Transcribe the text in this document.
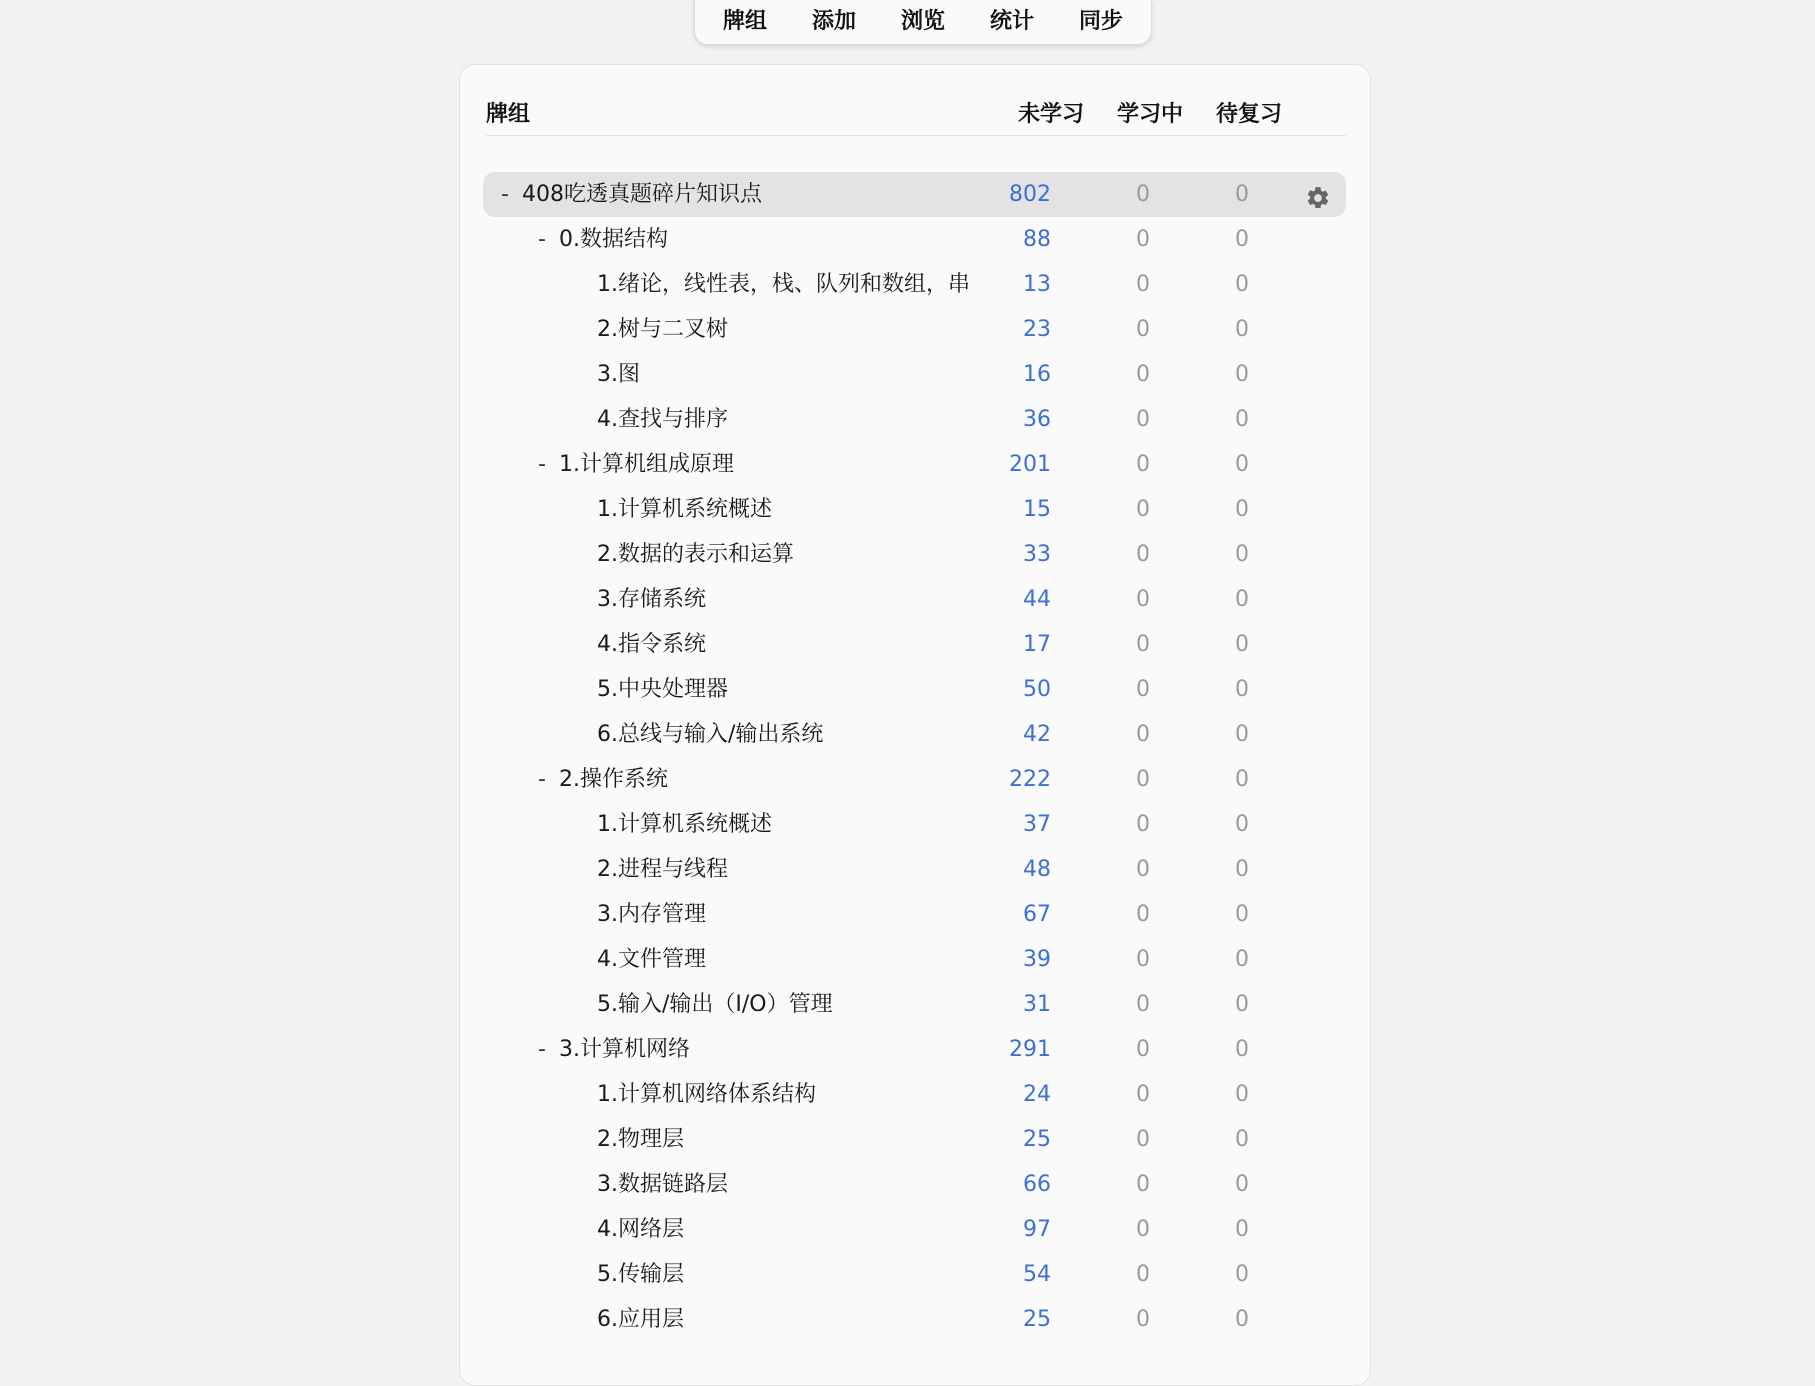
牌组	添加	浏览	统计	同步
牌组	未学习 学习中 待复习
- 408吃透真题碎片知识点	802	0	0
- 0.数据结构	88	0	0
1.绪论，线性表，栈、队列和数组，串	13	0	0
2.树与二叉树	23	0	0
3.图	16	0	0
4.查找与排序	36	0	0
- 1.计算机组成原理	201	0	0
1.计算机系统概述	15	0	0
2.数据的表示和运算	33	0	0
3.存储系统	44	0	0
4.指令系统	17	0	0
5.中央处理器	50	0	0
6.总线与输入/输出系统	42	0	0
- 2.操作系统	222	0	0
1.计算机系统概述	37	0	0
2.进程与线程	48	0	0
3.内存管理	67	0	0
4.文件管理	39	0	0
5.输入/输出（I/O）管理	31	0	0
- 3.计算机网络	291	0	0
1.计算机网络体系结构	24	0	0
2.物理层	25	0	0
3.数据链路层	66	0	0
4.网络层	97	0	0
5.传输层	54	0	0
6.应用层	25	0	0
